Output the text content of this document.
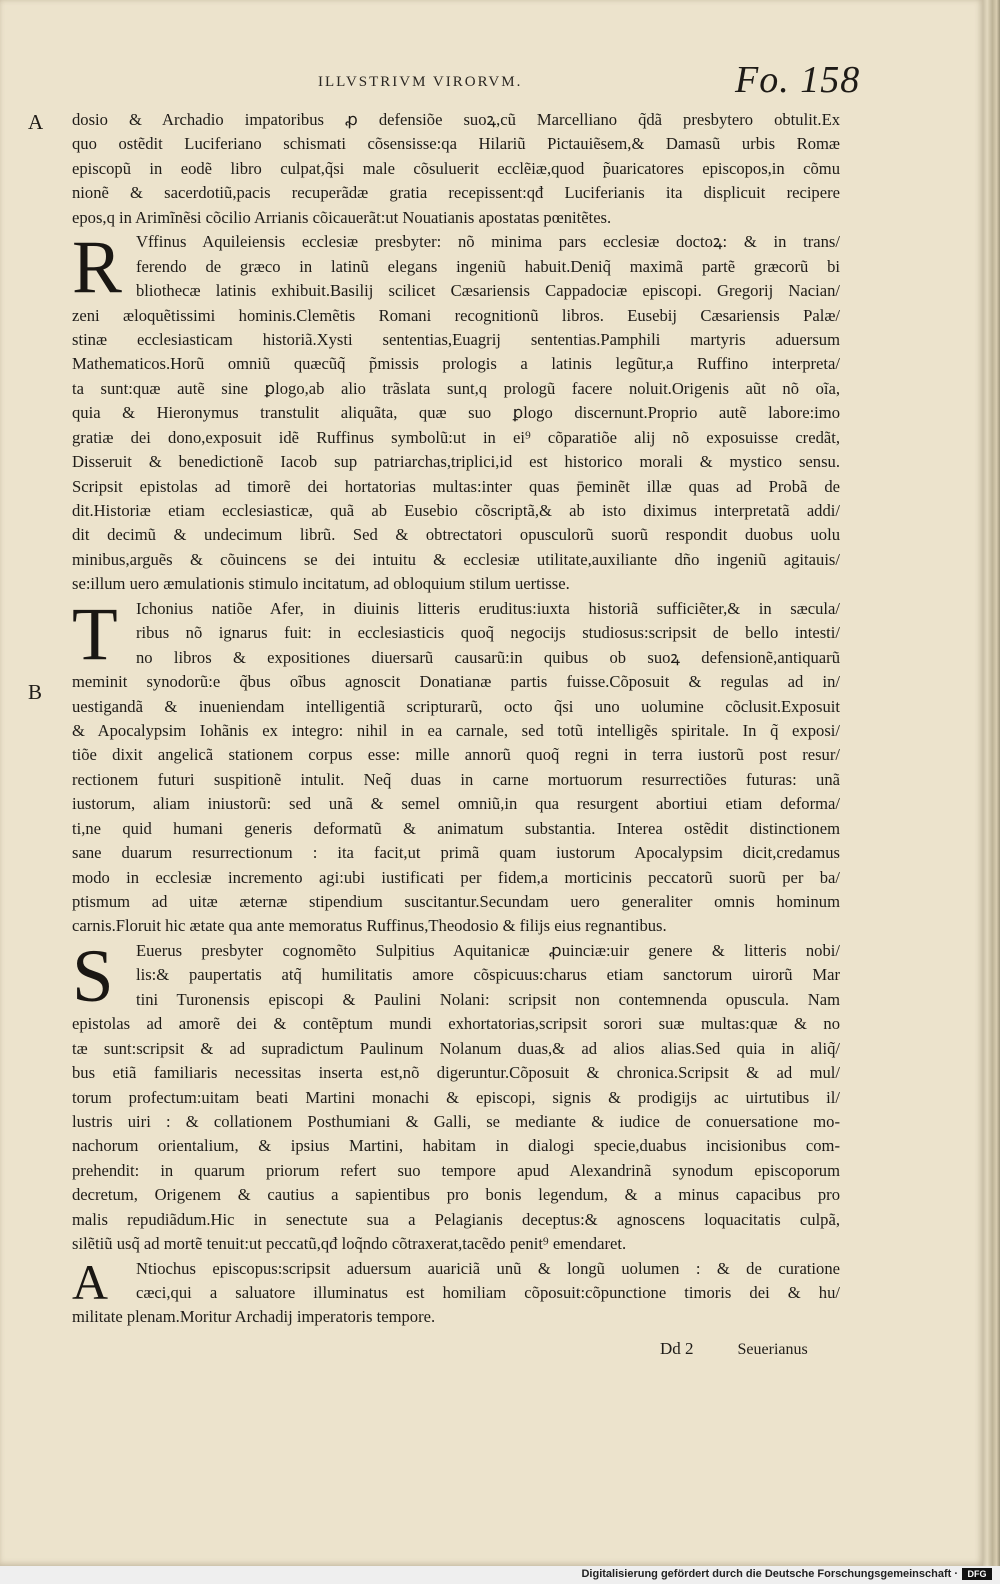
ILLVSTRIVM VIRORVM.	Fo. 158
A
B
dosio & Archadio impatoribus ꝓ defensiõe suoꝝ,cũ Marcelliano q̃dã presbytero obtulit.Ex
quo ostẽdit Luciferiano schismati cõsensisse:qa Hilariũ Pictauiẽsem,& Damasũ urbis Romæ
episcopũ in eodẽ libro culpat,q̃si male cõsuluerit ecclẽiæ,quod p̃uaricatores episcopos,in cõmu
nionẽ & sacerdotiũ,pacis recuperãdæ gratia recepissent:qđ Luciferianis ita displicuit recipere
epos,q in Arimĩnẽsi cõcilio Arrianis cõicauerãt:ut Nouatianis apostatas pœnitẽtes.
R Vffinus Aquileiensis ecclesiæ presbyter: nõ minima pars ecclesiæ doctoꝝ: & in trans/
ferendo de græco in latinũ elegans ingeniũ habuit.Deniq̃ maximã partẽ græcorũ bi
bliothecæ latinis exhibuit.Basilij scilicet Cæsariensis Cappadociæ episcopi. Gregorij Nacian/
zeni æloquẽtissimi hominis.Clemẽtis Romani recognitionũ libros. Eusebij Cæsariensis Palæ/
stinæ ecclesiasticam historiã.Xysti sententias,Euagrij sententias.Pamphili martyris aduersum
Mathematicos.Horũ omniũ quæcũq̃ p̃missis prologis a latinis legũtur,a Ruffino interpreta/
ta sunt:quæ autẽ sine ꝑlogo,ab alio trãslata sunt,q prologũ facere noluit.Origenis aũt nõ oĩa,
quia & Hieronymus transtulit aliquãta, quæ suo ꝑlogo discernunt.Proprio autẽ labore:imo
gratiæ dei dono,exposuit idẽ Ruffinus symbolũ:ut in ei⁹ cõparatiõe alij nõ exposuisse credãt,
Disseruit & benedictionẽ Iacob sup patriarchas,triplici,id est historico morali & mystico sensu.
Scripsit epistolas ad timorẽ dei hortatorias multas:inter quas p̄eminẽt illæ quas ad Probã de
dit.Historiæ etiam ecclesiasticæ, quã ab Eusebio cõscriptã,& ab isto diximus interpretatã addi/
dit decimũ & undecimum librũ. Sed & obtrectatori opusculorũ suorũ respondit duobus uolu
minibus,arguẽs & cõuincens se dei intuitu & ecclesiæ utilitate,auxiliante dño ingeniũ agitauis/
se:illum uero æmulationis stimulo incitatum, ad obloquium stilum uertisse.
T	Ichonius natiõe Afer, in diuinis litteris eruditus:iuxta historiã sufficiẽter,& in sæcula/
ribus nõ ignarus fuit: in ecclesiasticis quoq̃ negocijs studiosus:scripsit de bello intesti/
no libros & expositiones diuersarũ causarũ:in quibus ob suoꝝ defensionẽ,antiquarũ
meminit synodorũ:e q̃bus oĩbus agnoscit Donatianæ partis fuisse.Cõposuit & regulas ad in/
uestigandã & inueniendam intelligentiã scripturarũ, octo q̃si uno uolumine cõclusit.Exposuit
& Apocalypsim Iohãnis ex integro: nihil in ea carnale, sed totũ intelligẽs spiritale. In q̃ exposi/
tiõe dixit angelicã stationem corpus esse: mille annorũ quoq̃ regni in terra iustorũ post resur/
rectionem futuri suspitionẽ intulit. Neq̃ duas in carne mortuorum resurrectiões futuras: unã
iustorum, aliam iniustorũ: sed unã & semel omniũ,in qua resurgent abortiui etiam deforma/
ti,ne quid humani generis deformatũ & animatum substantia. Interea ostẽdit distinctionem
sane duarum resurrectionum : ita facit,ut primã quam iustorum Apocalypsim dicit,credamus
modo in ecclesiæ incremento agi:ubi iustificati per fidem,a morticinis peccatorũ suorũ per ba/
ptismum ad uitæ æternæ stipendium suscitantur.Secundam uero generaliter omnis hominum
carnis.Floruit hic ætate qua ante memoratus Ruffinus,Theodosio & filijs eius regnantibus.
S	Euerus presbyter cognomẽto Sulpitius Aquitanicæ ꝓuinciæ:uir genere & litteris nobi/
lis:& paupertatis atq̃ humilitatis amore cõspicuus:charus etiam sanctorum uirorũ Mar
tini Turonensis episcopi & Paulini Nolani: scripsit non contemnenda opuscula. Nam
epistolas ad amorẽ dei & contẽptum mundi exhortatorias,scripsit sorori suæ multas:quæ & no
tæ sunt:scripsit & ad supradictum Paulinum Nolanum duas,& ad alios alias.Sed quia in aliq̃/
bus etiã familiaris necessitas inserta est,nõ digeruntur.Cõposuit & chronica.Scripsit & ad mul/
torum profectum:uitam beati Martini monachi & episcopi, signis & prodigijs ac uirtutibus il/
lustris uiri : & collationem Posthumiani & Galli, se mediante & iudice de conuersatione mo-
nachorum orientalium, & ipsius Martini, habitam in dialogi specie,duabus incisionibus com-
prehendit: in quarum priorum refert suo tempore apud Alexandrinã synodum episcoporum
decretum, Origenem & cautius a sapientibus pro bonis legendum, & a minus capacibus pro
malis repudiãdum.Hic in senectute sua a Pelagianis deceptus:& agnoscens loquacitatis culpã,
silẽtiũ usq̃ ad mortẽ tenuit:ut peccatũ,qđ loq̃ndo cõtraxerat,tacẽdo penit⁹ emendaret.
A	Ntiochus episcopus:scripsit aduersum auariciã unũ & longũ uolumen : & de curatione
cæci,qui a saluatore illuminatus est homiliam cõposuit:cõpunctione timoris dei & hu/
militate plenam.Moritur Archadij imperatoris tempore.
Dd 2	Seuerianus
Digitalisierung gefördert durch die Deutsche Forschungsgemeinschaft ·	DFG
